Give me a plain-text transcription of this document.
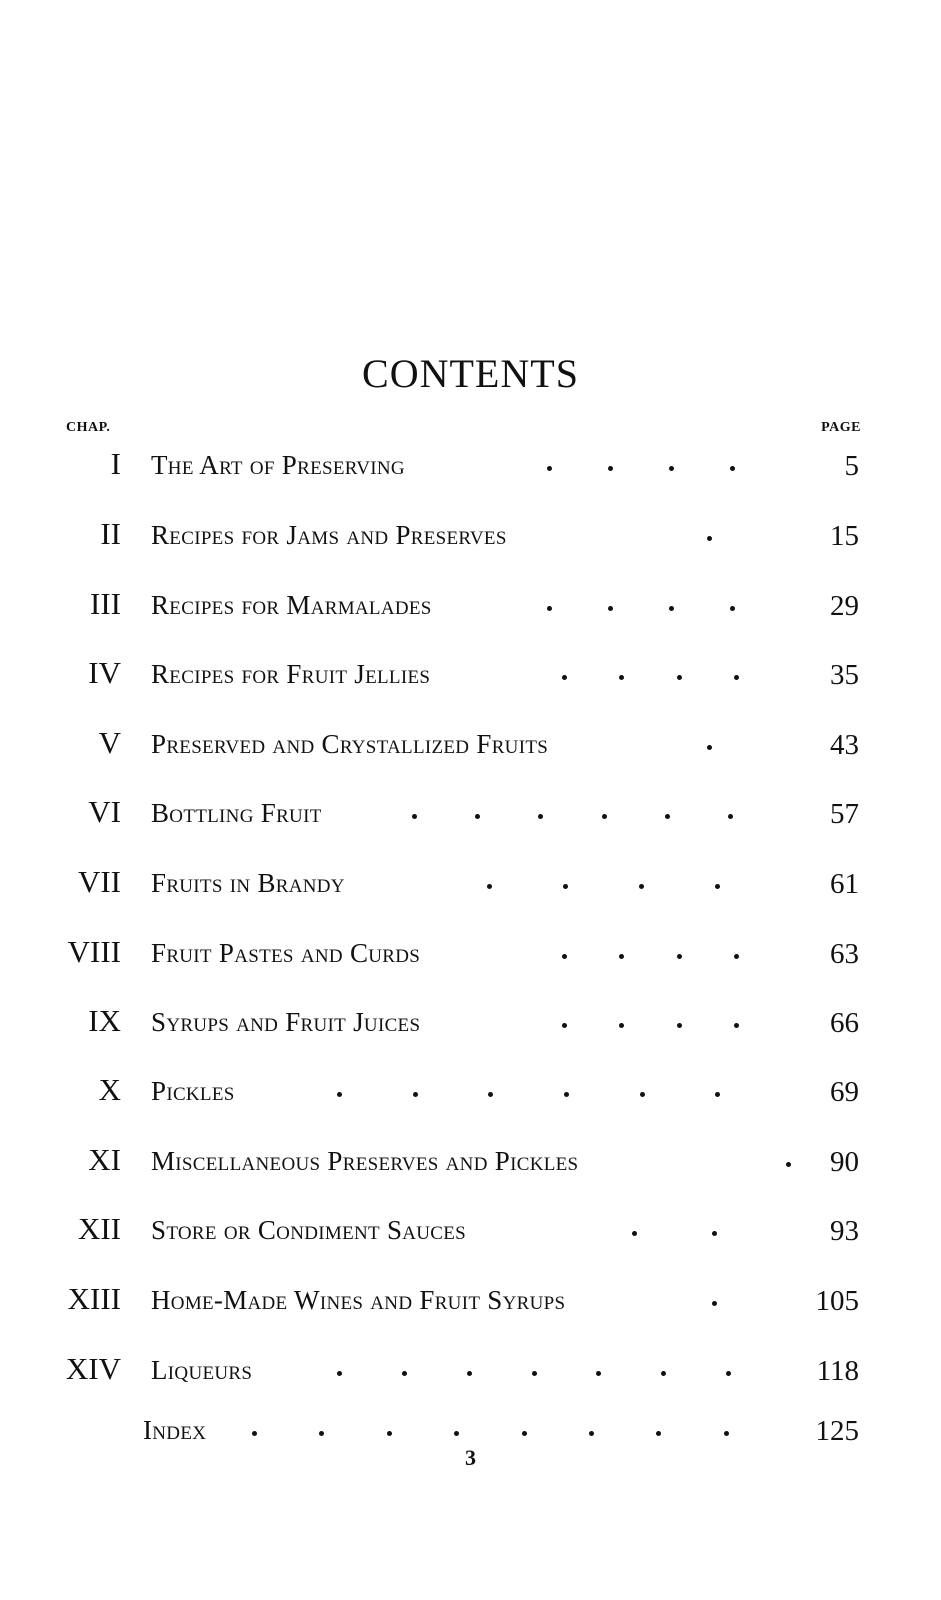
CONTENTS
CHAP.	PAGE
I The Art of Preserving	5
II Recipes for Jams and Preserves	15
III Recipes for Marmalades	29
IV Recipes for Fruit Jellies	35
V Preserved and Crystallized Fruits	43
VI Bottling Fruit	57
VII Fruits in Brandy	61
VIII Fruit Pastes and Curds	63
IX Syrups and Fruit Juices	66
X Pickles	69
XI Miscellaneous Preserves and Pickles	90
XII Store or Condiment Sauces	93
XIII Home-Made Wines and Fruit Syrups	105
XIV Liqueurs	118
Index	125
3
